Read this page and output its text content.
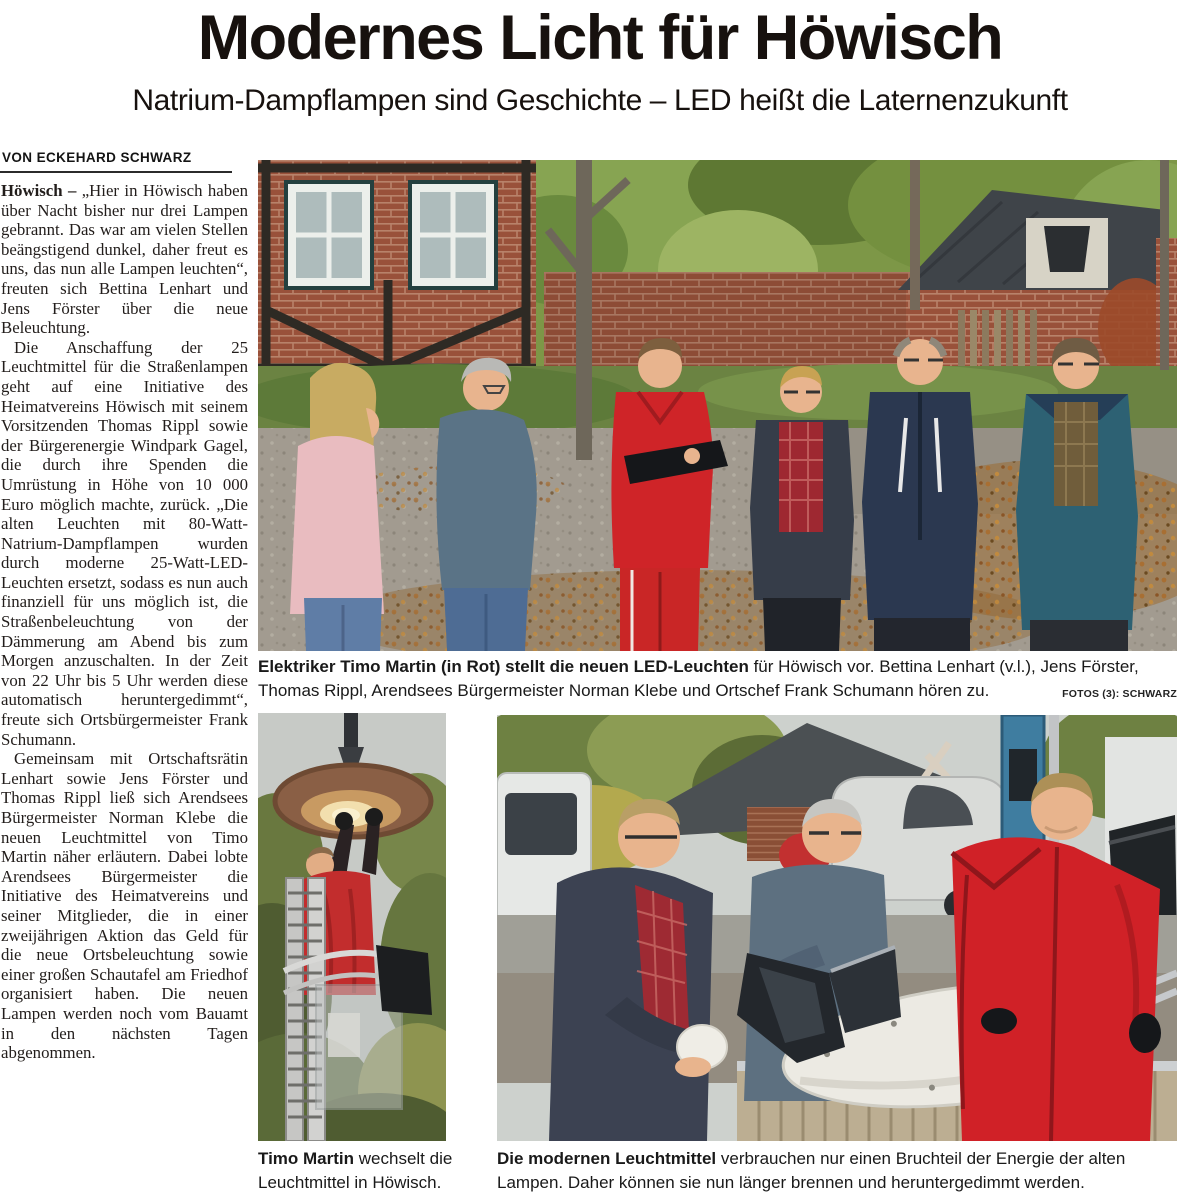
Modernes Licht für Höwisch
Natrium-Dampflampen sind Geschichte – LED heißt die Laternenzukunft
VON ECKEHARD SCHWARZ

Höwisch – „Hier in Höwisch haben über Nacht bisher nur drei Lampen gebrannt. Das war am vielen Stellen beängstigend dunkel, daher freut es uns, das nun alle Lampen leuchten“, freuten sich Bettina Lenhart und Jens Förster über die neue Beleuchtung.

Die Anschaffung der 25 Leuchtmittel für die Straßenlampen geht auf eine Initiative des Heimatvereins Höwisch mit seinem Vorsitzenden Thomas Rippl sowie der Bürgerenergie Windpark Gagel, die durch ihre Spenden die Umrüstung in Höhe von 10 000 Euro möglich machte, zurück. „Die alten Leuchten mit 80-Watt-Natrium-Dampflampen wurden durch moderne 25-Watt-LED-Leuchten ersetzt, sodass es nun auch finanziell für uns möglich ist, die Straßenbeleuchtung von der Dämmerung am Abend bis zum Morgen anzuschalten. In der Zeit von 22 Uhr bis 5 Uhr werden diese automatisch heruntergedimmt“, freute sich Ortsbürgermeister Frank Schumann.

Gemeinsam mit Ortschaftsrätin Lenhart sowie Jens Förster und Thomas Rippl ließ sich Arendsees Bürgermeister Norman Klebe die neuen Leuchtmittel von Timo Martin näher erläutern. Dabei lobte Arendsees Bürgermeister die Initiative des Heimatvereins und seiner Mitglieder, die in einer zweijährigen Aktion das Geld für die neue Ortsbeleuchtung sowie einer großen Schautafel am Friedhof organisiert haben. Die neuen Lampen werden noch vom Bauamt in den nächsten Tagen abgenommen.

Elektriker Timo Martin (in Rot) stellt die neuen LED-Leuchten für Höwisch vor. Bettina Lenhart (v.l.), Jens Förster, Thomas Rippl, Arendsees Bürgermeister Norman Klebe und Ortschef Frank Schumann hören zu.	FOTOS (3): SCHWARZ
Timo Martin wechselt die Leuchtmittel in Höwisch.
Die modernen Leuchtmittel verbrauchen nur einen Bruchteil der Energie der alten Lampen. Daher können sie nun länger brennen und heruntergedimmt werden.
